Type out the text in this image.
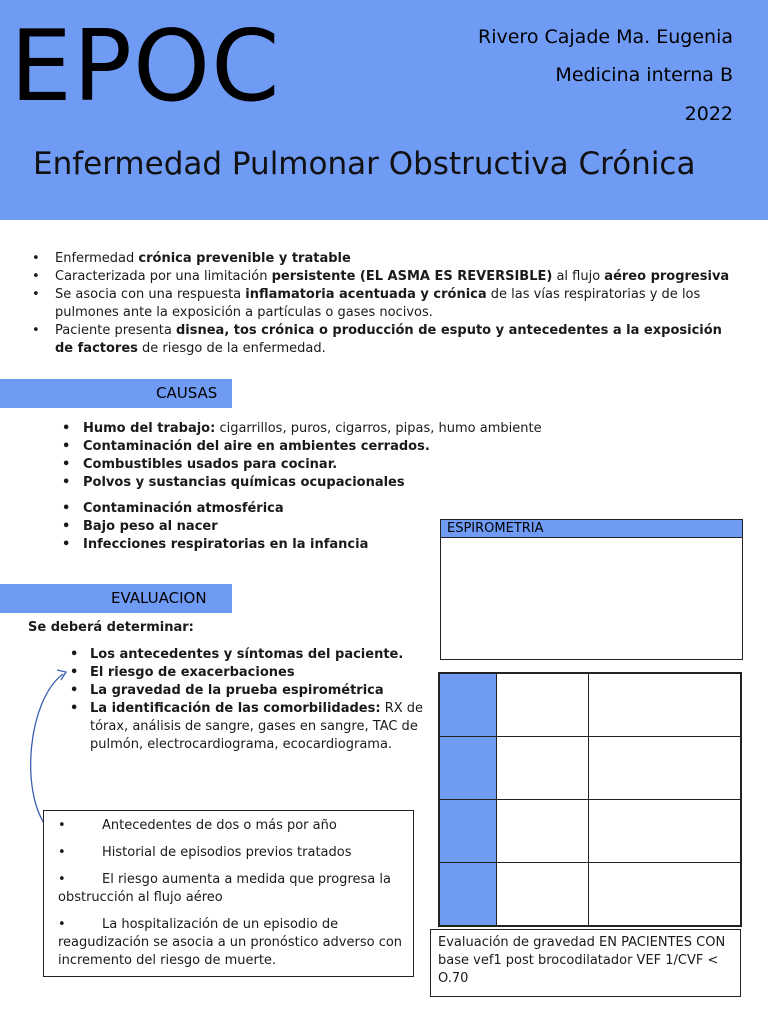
EPOC	Rivero Cajade Ma. Eugenia
Medicina interna B
2022
Enfermedad Pulmonar Obstructiva Crónica
• Enfermedad crónica prevenible y tratable
• Caracterizada por una limitación persistente (EL ASMA ES REVERSIBLE) al flujo aéreo progresiva
• Se asocia con una respuesta inflamatoria acentuada y crónica de las vías respiratorias y de los pulmones ante la exposición a partículas o gases nocivos.
• Paciente presenta disnea, tos crónica o producción de esputo y antecedentes a la exposición de factores de riesgo de la enfermedad.
CAUSAS
• Humo del trabajo: cigarrillos, puros, cigarros, pipas, humo ambiente
• Contaminación del aire en ambientes cerrados.
• Combustibles usados para cocinar.
• Polvos y sustancias químicas ocupacionales
• Contaminación atmosférica
• Bajo peso al nacer
• Infecciones respiratorias en la infancia
ESPIROMETRIA
EVALUACION
Se deberá determinar:
• Los antecedentes y síntomas del paciente.
• El riesgo de exacerbaciones
• La gravedad de la prueba espirométrica
• La identificación de las comorbilidades: RX de tórax, análisis de sangre, gases en sangre, TAC de pulmón, electrocardiograma, ecocardiograma.

•	Antecedentes de dos o más por año

•	Historial de episodios previos tratados

•	El riesgo aumenta a medida que progresa la obstrucción al flujo aéreo

•	La hospitalización de un episodio de reagudización se asocia a un pronóstico adverso con incremento del riesgo de muerte.

Evaluación de gravedad EN PACIENTES CON base vef1 post brocodilatador VEF 1/CVF < O.70
